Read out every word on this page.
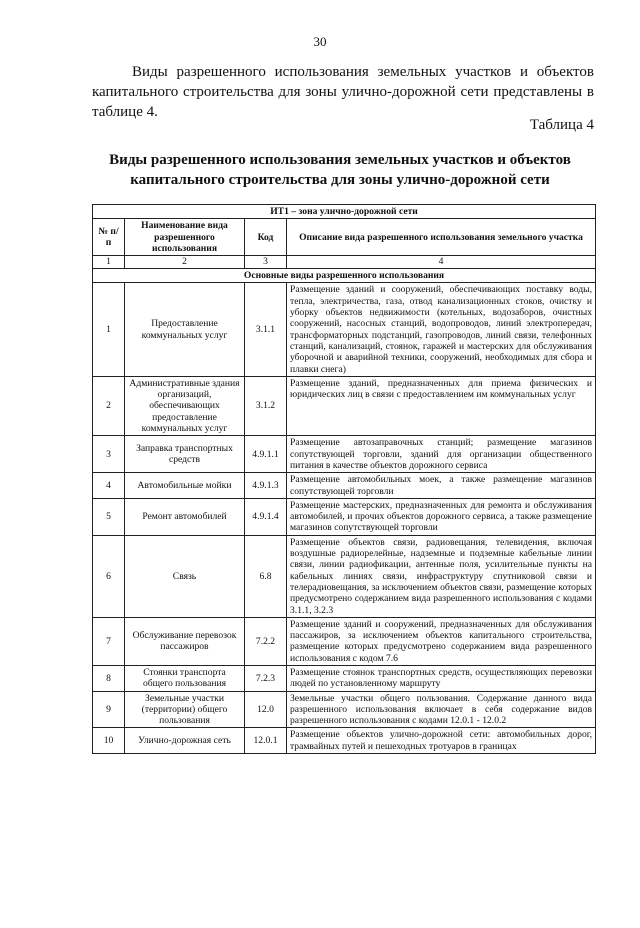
30

Виды разрешенного использования земельных участков и объектов капитального строительства для зоны улично-дорожной сети представлены в таблице 4.

Таблица 4
Виды разрешенного использования земельных участков и объектов капитального строительства для зоны улично-дорожной сети
ИТ1 – зона улично-дорожной сети			
№ п/п	Наименование вида разрешенного использования	Код	Описание вида разрешенного использования земельного участка
1	2	3	4
Основные виды разрешенного использования			
1	Предоставление коммунальных услуг	3.1.1	Размещение зданий и сооружений, обеспечивающих поставку воды, тепла, электричества, газа, отвод канализационных стоков, очистку и уборку объектов недвижимости (котельных, водозаборов, очистных сооружений, насосных станций, водопроводов, линий электропередач, трансформаторных подстанций, газопроводов, линий связи, телефонных станций, канализаций, стоянок, гаражей и мастерских для обслуживания уборочной и аварийной техники, сооружений, необходимых для сбора и плавки снега)
2	Административные здания организаций, обеспечивающих предоставление коммунальных услуг	3.1.2	Размещение зданий, предназначенных для приема физических и юридических лиц в связи с предоставлением им коммунальных услуг
3	Заправка транспортных средств	4.9.1.1	Размещение автозаправочных станций; размещение магазинов сопутствующей торговли, зданий для организации общественного питания в качестве объектов дорожного сервиса
4	Автомобильные мойки	4.9.1.3	Размещение автомобильных моек, а также размещение магазинов сопутствующей торговли
5	Ремонт автомобилей	4.9.1.4	Размещение мастерских, предназначенных для ремонта и обслуживания автомобилей, и прочих объектов дорожного сервиса, а также размещение магазинов сопутствующей торговли
6	Связь	6.8	Размещение объектов связи, радиовещания, телевидения, включая воздушные радиорелейные, надземные и подземные кабельные линии связи, линии радиофикации, антенные поля, усилительные пункты на кабельных линиях связи, инфраструктуру спутниковой связи и телерадиовещания, за исключением объектов связи, размещение которых предусмотрено содержанием вида разрешенного использования с кодами 3.1.1, 3.2.3
7	Обслуживание перевозок пассажиров	7.2.2	Размещение зданий и сооружений, предназначенных для обслуживания пассажиров, за исключением объектов капитального строительства, размещение которых предусмотрено содержанием вида разрешенного использования с кодом 7.6
8	Стоянки транспорта общего пользования	7.2.3	Размещение стоянок транспортных средств, осуществляющих перевозки людей по установленному маршруту
9	Земельные участки (территории) общего пользования	12.0	Земельные участки общего пользования. Содержание данного вида разрешенного использования включает в себя содержание видов разрешенного использования с кодами 12.0.1 - 12.0.2
10	Улично-дорожная сеть	12.0.1	Размещение объектов улично-дорожной сети: автомобильных дорог, трамвайных путей и пешеходных тротуаров в границах
